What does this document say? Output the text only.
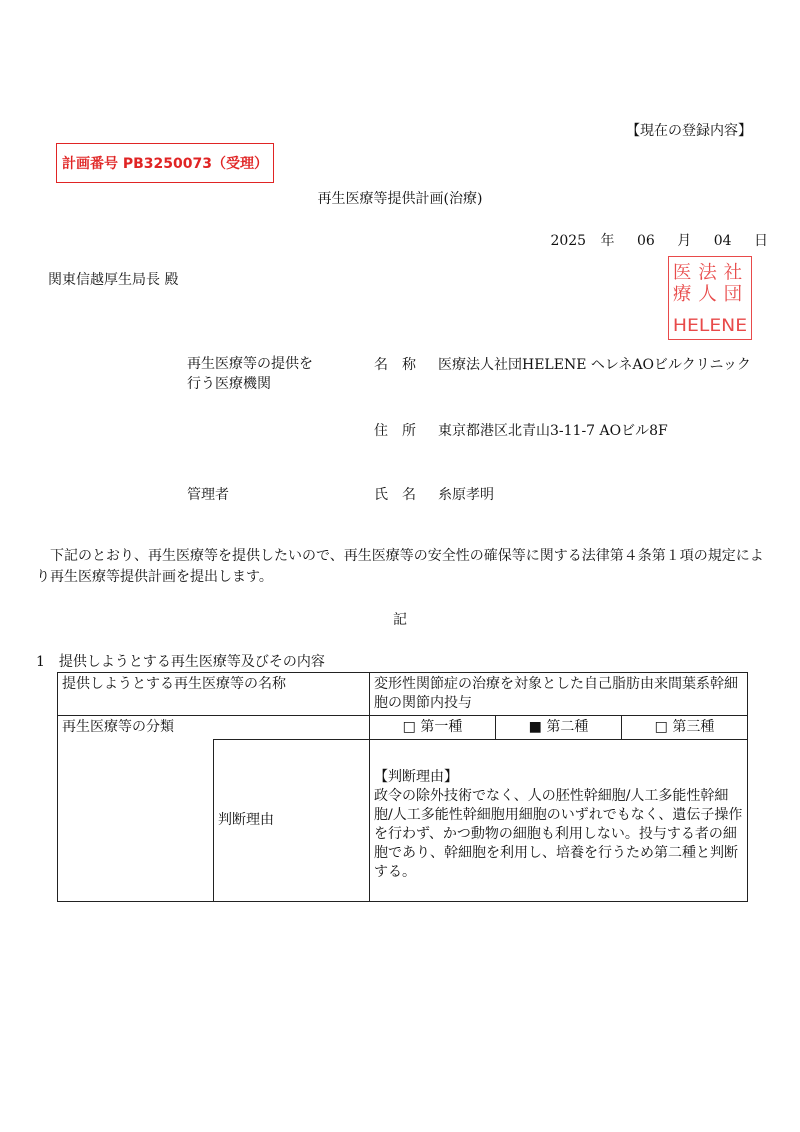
【現在の登録内容】
計画番号 PB3250073（受理）
再生医療等提供計画(治療)
2025 年 06 月 04 日
関東信越厚生局長 殿	医
療
法
人
社
団
HELENE
再生医療等の提供を
行う医療機関
名　称 医療法人社団HELENE ヘレネAOビルクリニック
住　所 東京都港区北青山3-11-7 AOビル8F
管理者	氏　名 糸原孝明
下記のとおり、再生医療等を提供したいので、再生医療等の安全性の確保等に関する法律第４条第１項の規定により再生医療等提供計画を提出します。
記
1　提供しようとする再生医療等及びその内容
提供しようとする再生医療等の名称		変形性関節症の治療を対象とした自己脂肪由来間葉系幹細胞の関節内投与
再生医療等の分類		□ 第一種 ■ 第二種 □ 第三種

	判断理由	【判断理由】
政令の除外技術でなく、人の胚性幹細胞/人工多能性幹細胞/人工多能性幹細胞用細胞のいずれでもなく、遺伝子操作を行わず、かつ動物の細胞も利用しない。投与する者の細胞であり、幹細胞を利用し、培養を行うため第二種と判断する。
